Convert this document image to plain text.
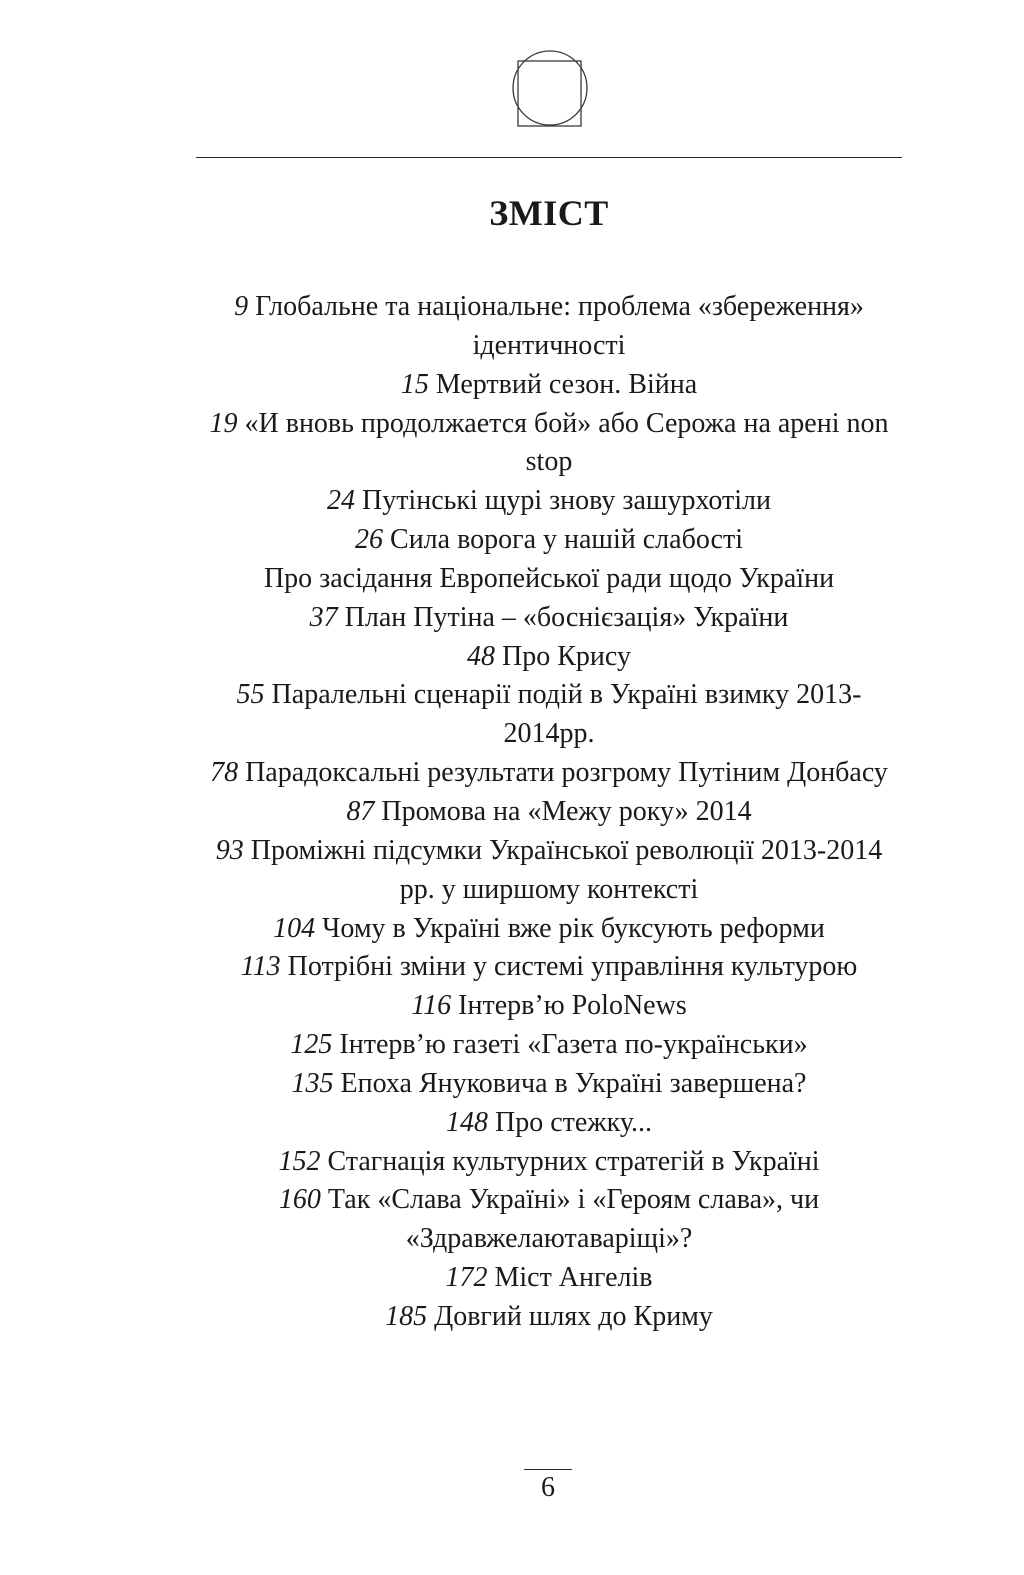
ЗМІСТ
9 Глобальне та національне: проблема «збереження» ідентичності
15 Мертвий сезон. Війна
19 «И вновь продолжается бой» або Серожа на арені non stop
24 Путінські щурі знову зашурхотіли
26 Сила ворога у нашій слабості
Про засідання Европейської ради щодо України
37 План Путіна – «боснієзація» України
48 Про Крису
55 Паралельні сценарії подій в Україні взимку 2013-2014рр.
78 Парадоксальні результати розгрому Путіним Донбасу
87 Промова на «Межу року» 2014
93 Проміжні підсумки Української революції 2013-2014 рр. у ширшому контексті
104 Чому в Україні вже рік буксують реформи
113 Потрібні зміни у системі управління культурою
116 Інтерв’ю PoloNews
125 Інтерв’ю газеті «Газета по-українськи»
135 Епоха Януковича в Україні завершена?
148 Про стежку...
152 Стагнація культурних стратегій в Україні
160 Так «Слава Україні» і «Героям слава», чи «Здравжелаютаваріщі»?
172 Міст Ангелів
185 Довгий шлях до Криму
6
